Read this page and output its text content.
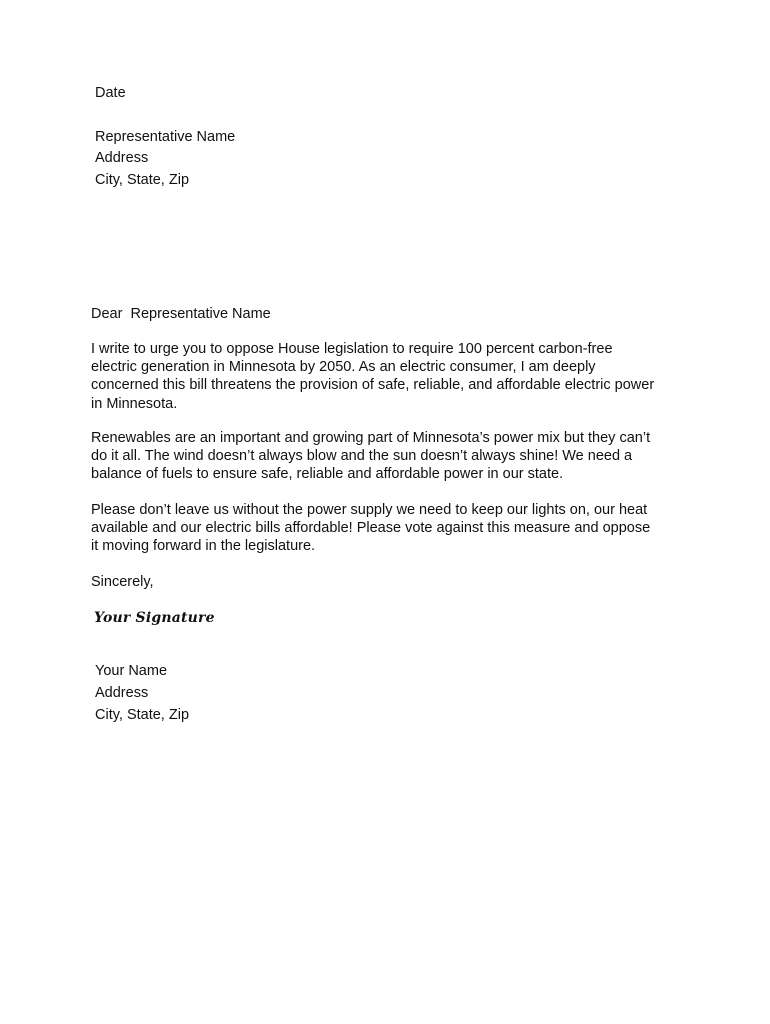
Date
Representative Name
Address
City, State, Zip
Dear  Representative Name
I write to urge you to oppose House legislation to require 100 percent carbon-free
electric generation in Minnesota by 2050. As an electric consumer, I am deeply
concerned this bill threatens the provision of safe, reliable, and affordable electric power
in Minnesota.
Renewables are an important and growing part of Minnesota’s power mix but they can’t
do it all. The wind doesn’t always blow and the sun doesn’t always shine! We need a
balance of fuels to ensure safe, reliable and affordable power in our state.
Please don’t leave us without the power supply we need to keep our lights on, our heat
available and our electric bills affordable! Please vote against this measure and oppose
it moving forward in the legislature.
Sincerely,
Your Signature
Your Name
Address
City, State, Zip
